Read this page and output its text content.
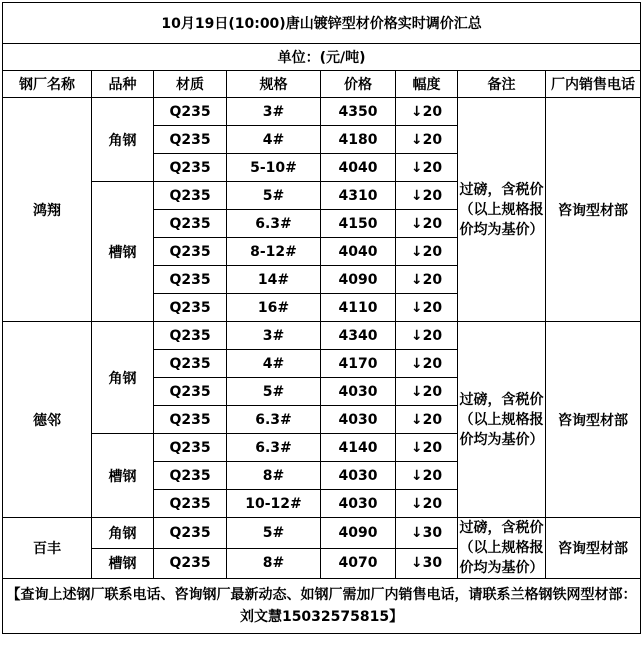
10月19日(10:00)唐山镀锌型材价格实时调价汇总							
单位：(元/吨)							
钢厂名称	品种	材质	规格	价格	幅度	备注	厂内销售电话
鸿翔	角钢	Q235	3#	4350	↓20	过磅，含税价（以上规格报价均为基价）	咨询型材部
		Q235	4#	4180	↓20		
		Q235	5-10#	4040	↓20		
	槽钢	Q235	5#	4310	↓20		
		Q235	6.3#	4150	↓20		
		Q235	8-12#	4040	↓20		
		Q235	14#	4090	↓20		
		Q235	16#	4110	↓20		
德邻	角钢	Q235	3#	4340	↓20	过磅，含税价（以上规格报价均为基价）	咨询型材部
		Q235	4#	4170	↓20		
		Q235	5#	4030	↓20		
		Q235	6.3#	4030	↓20		
	槽钢	Q235	6.3#	4140	↓20		
		Q235	8#	4030	↓20		
		Q235	10-12#	4030	↓20		
百丰	角钢	Q235	5#	4090	↓30	过磅，含税价（以上规格报价均为基价）	咨询型材部
	槽钢	Q235	8#	4070	↓30		
【查询上述钢厂联系电话、咨询钢厂最新动态、如钢厂需加厂内销售电话，请联系兰格钢铁网型材部：刘文慧15032575815】							
